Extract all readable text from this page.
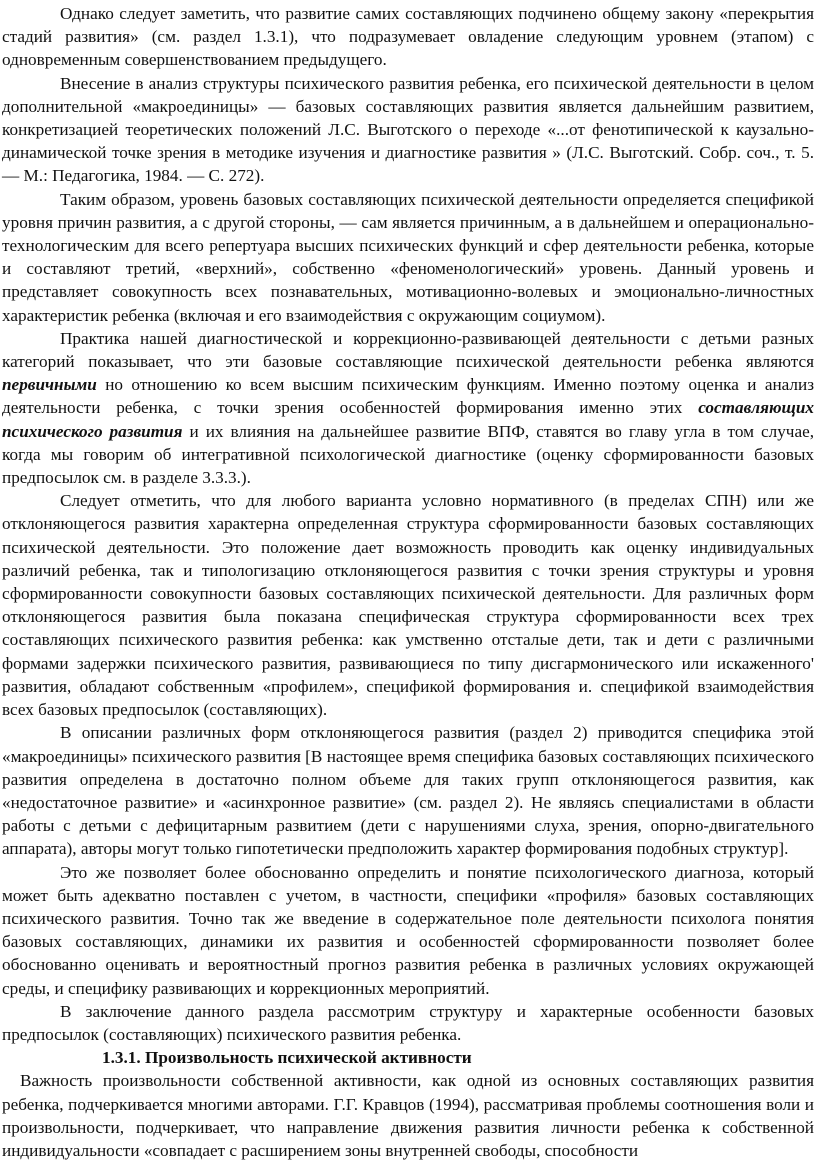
Однако следует заметить, что развитие самих составляющих подчинено общему закону «перекрытия стадий развития» (см. раздел 1.3.1), что подразумевает овладение следующим уровнем (этапом) с одновременным совершенствованием предыдущего.

Внесение в анализ структуры психического развития ребенка, его психической деятельности в целом дополнительной «макроединицы» — базовых составляющих развития является дальнейшим развитием, конкретизацией теоретических положений Л.С. Выготского о переходе «...от фенотипической к каузально-динамической точке зрения в методике изучения и диагностике развития » (Л.С. Выготский. Собр. соч., т. 5. — М.: Педагогика, 1984. — С. 272).

Таким образом, уровень базовых составляющих психической деятельности определяется спецификой уровня причин развития, а с другой стороны, — сам является причинным, а в дальнейшем и операционально-технологическим для всего репертуара высших психических функций и сфер деятельности ребенка, которые и составляют третий, «верхний», собственно «феноменологический» уровень. Данный уровень и представляет совокупность всех познавательных, мотивационно-волевых и эмоционально-личностных характеристик ребенка (включая и его взаимодействия с окружающим социумом).

Практика нашей диагностической и коррекционно-развивающей деятельности с детьми разных категорий показывает, что эти базовые составляющие психической деятельности ребенка являются первичными но отношению ко всем высшим психическим функциям. Именно поэтому оценка и анализ деятельности ребенка, с точки зрения особенностей формирования именно этих составляющих психического развития и их влияния на дальнейшее развитие ВПФ, ставятся во главу угла в том случае, когда мы говорим об интегративной психологической диагностике (оценку сформированности базовых предпосылок см. в разделе 3.3.3.).

Следует отметить, что для любого варианта условно нормативного (в пределах СПН) или же отклоняющегося развития характерна определенная структура сформированности базовых составляющих психической деятельности. Это положение дает возможность проводить как оценку индивидуальных различий ребенка, так и типологизацию отклоняющегося развития с точки зрения структуры и уровня сформированности совокупности базовых составляющих психической деятельности. Для различных форм отклоняющегося развития была показана специфическая структура сформированности всех трех составляющих психического развития ребенка: как умственно отсталые дети, так и дети с различными формами задержки психического развития, развивающиеся по типу дисгармонического или искаженного' развития, обладают собственным «профилем», спецификой формирования и. спецификой взаимодействия всех базовых предпосылок (составляющих).

В описании различных форм отклоняющегося развития (раздел 2) приводится специфика этой «макроединицы» психического развития [В настоящее время специфика базовых составляющих психического развития определена в достаточно полном объеме для таких групп отклоняющегося развития, как «недостаточное развитие» и «асинхронное развитие» (см. раздел 2). Не являясь специалистами в области работы с детьми с дефицитарным развитием (дети с нарушениями слуха, зрения, опорно-двигательного аппарата), авторы могут только гипотетически предположить характер формирования подобных структур].

Это же позволяет более обоснованно определить и понятие психологического диагноза, который может быть адекватно поставлен с учетом, в частности, специфики «профиля» базовых составляющих психического развития. Точно так же введение в содержательное поле деятельности психолога понятия базовых составляющих, динамики их развития и особенностей сформированности позволяет более обоснованно оценивать и вероятностный прогноз развития ребенка в различных условиях окружающей среды, и специфику развивающих и коррекционных мероприятий.

В заключение данного раздела рассмотрим структуру и характерные особенности базовых предпосылок (составляющих) психического развития ребенка.

1.3.1. Произвольность психической активности

Важность произвольности собственной активности, как одной из основных составляющих развития ребенка, подчеркивается многими авторами. Г.Г. Кравцов (1994), рассматривая проблемы соотношения воли и произвольности, подчеркивает, что направление движения развития личности ребенка к собственной индивидуальности «совпадает с расширением зоны внутренней свободы, способности
